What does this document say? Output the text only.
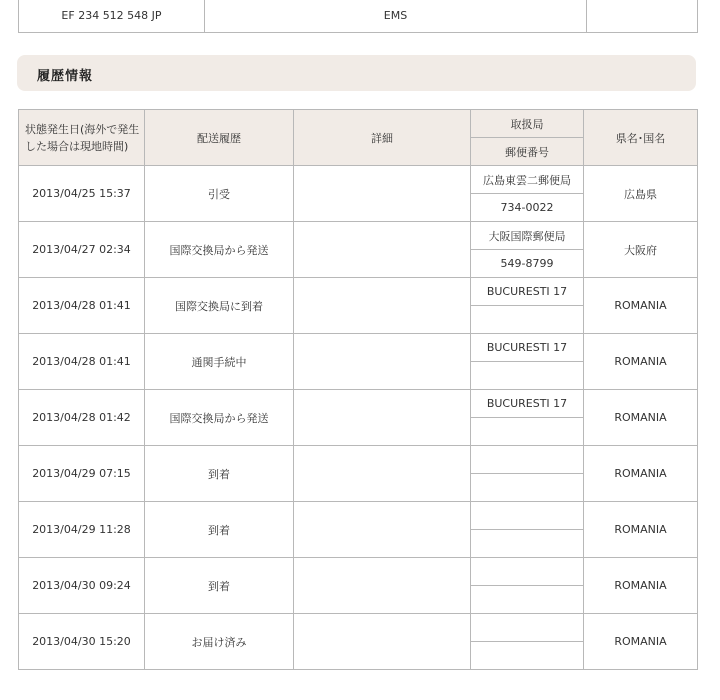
EF 234 512 548 JP	EMS	
履歴情報
状態発生日(海外で発生した場合は現地時間)	配送履歴	詳細	取扱局	県名･国名
			郵便番号	
2013/04/25 15:37	引受		広島東雲二郵便局	広島県
			734-0022	
2013/04/27 02:34	国際交換局から発送		大阪国際郵便局	大阪府
			549-8799	
2013/04/28 01:41	国際交換局に到着		BUCURESTI 17	ROMANIA

2013/04/28 01:41	通関手続中		BUCURESTI 17	ROMANIA

2013/04/28 01:42	国際交換局から発送		BUCURESTI 17	ROMANIA

2013/04/29 07:15	到着			ROMANIA

2013/04/29 11:28	到着			ROMANIA

2013/04/30 09:24	到着			ROMANIA

2013/04/30 15:20	お届け済み			ROMANIA
